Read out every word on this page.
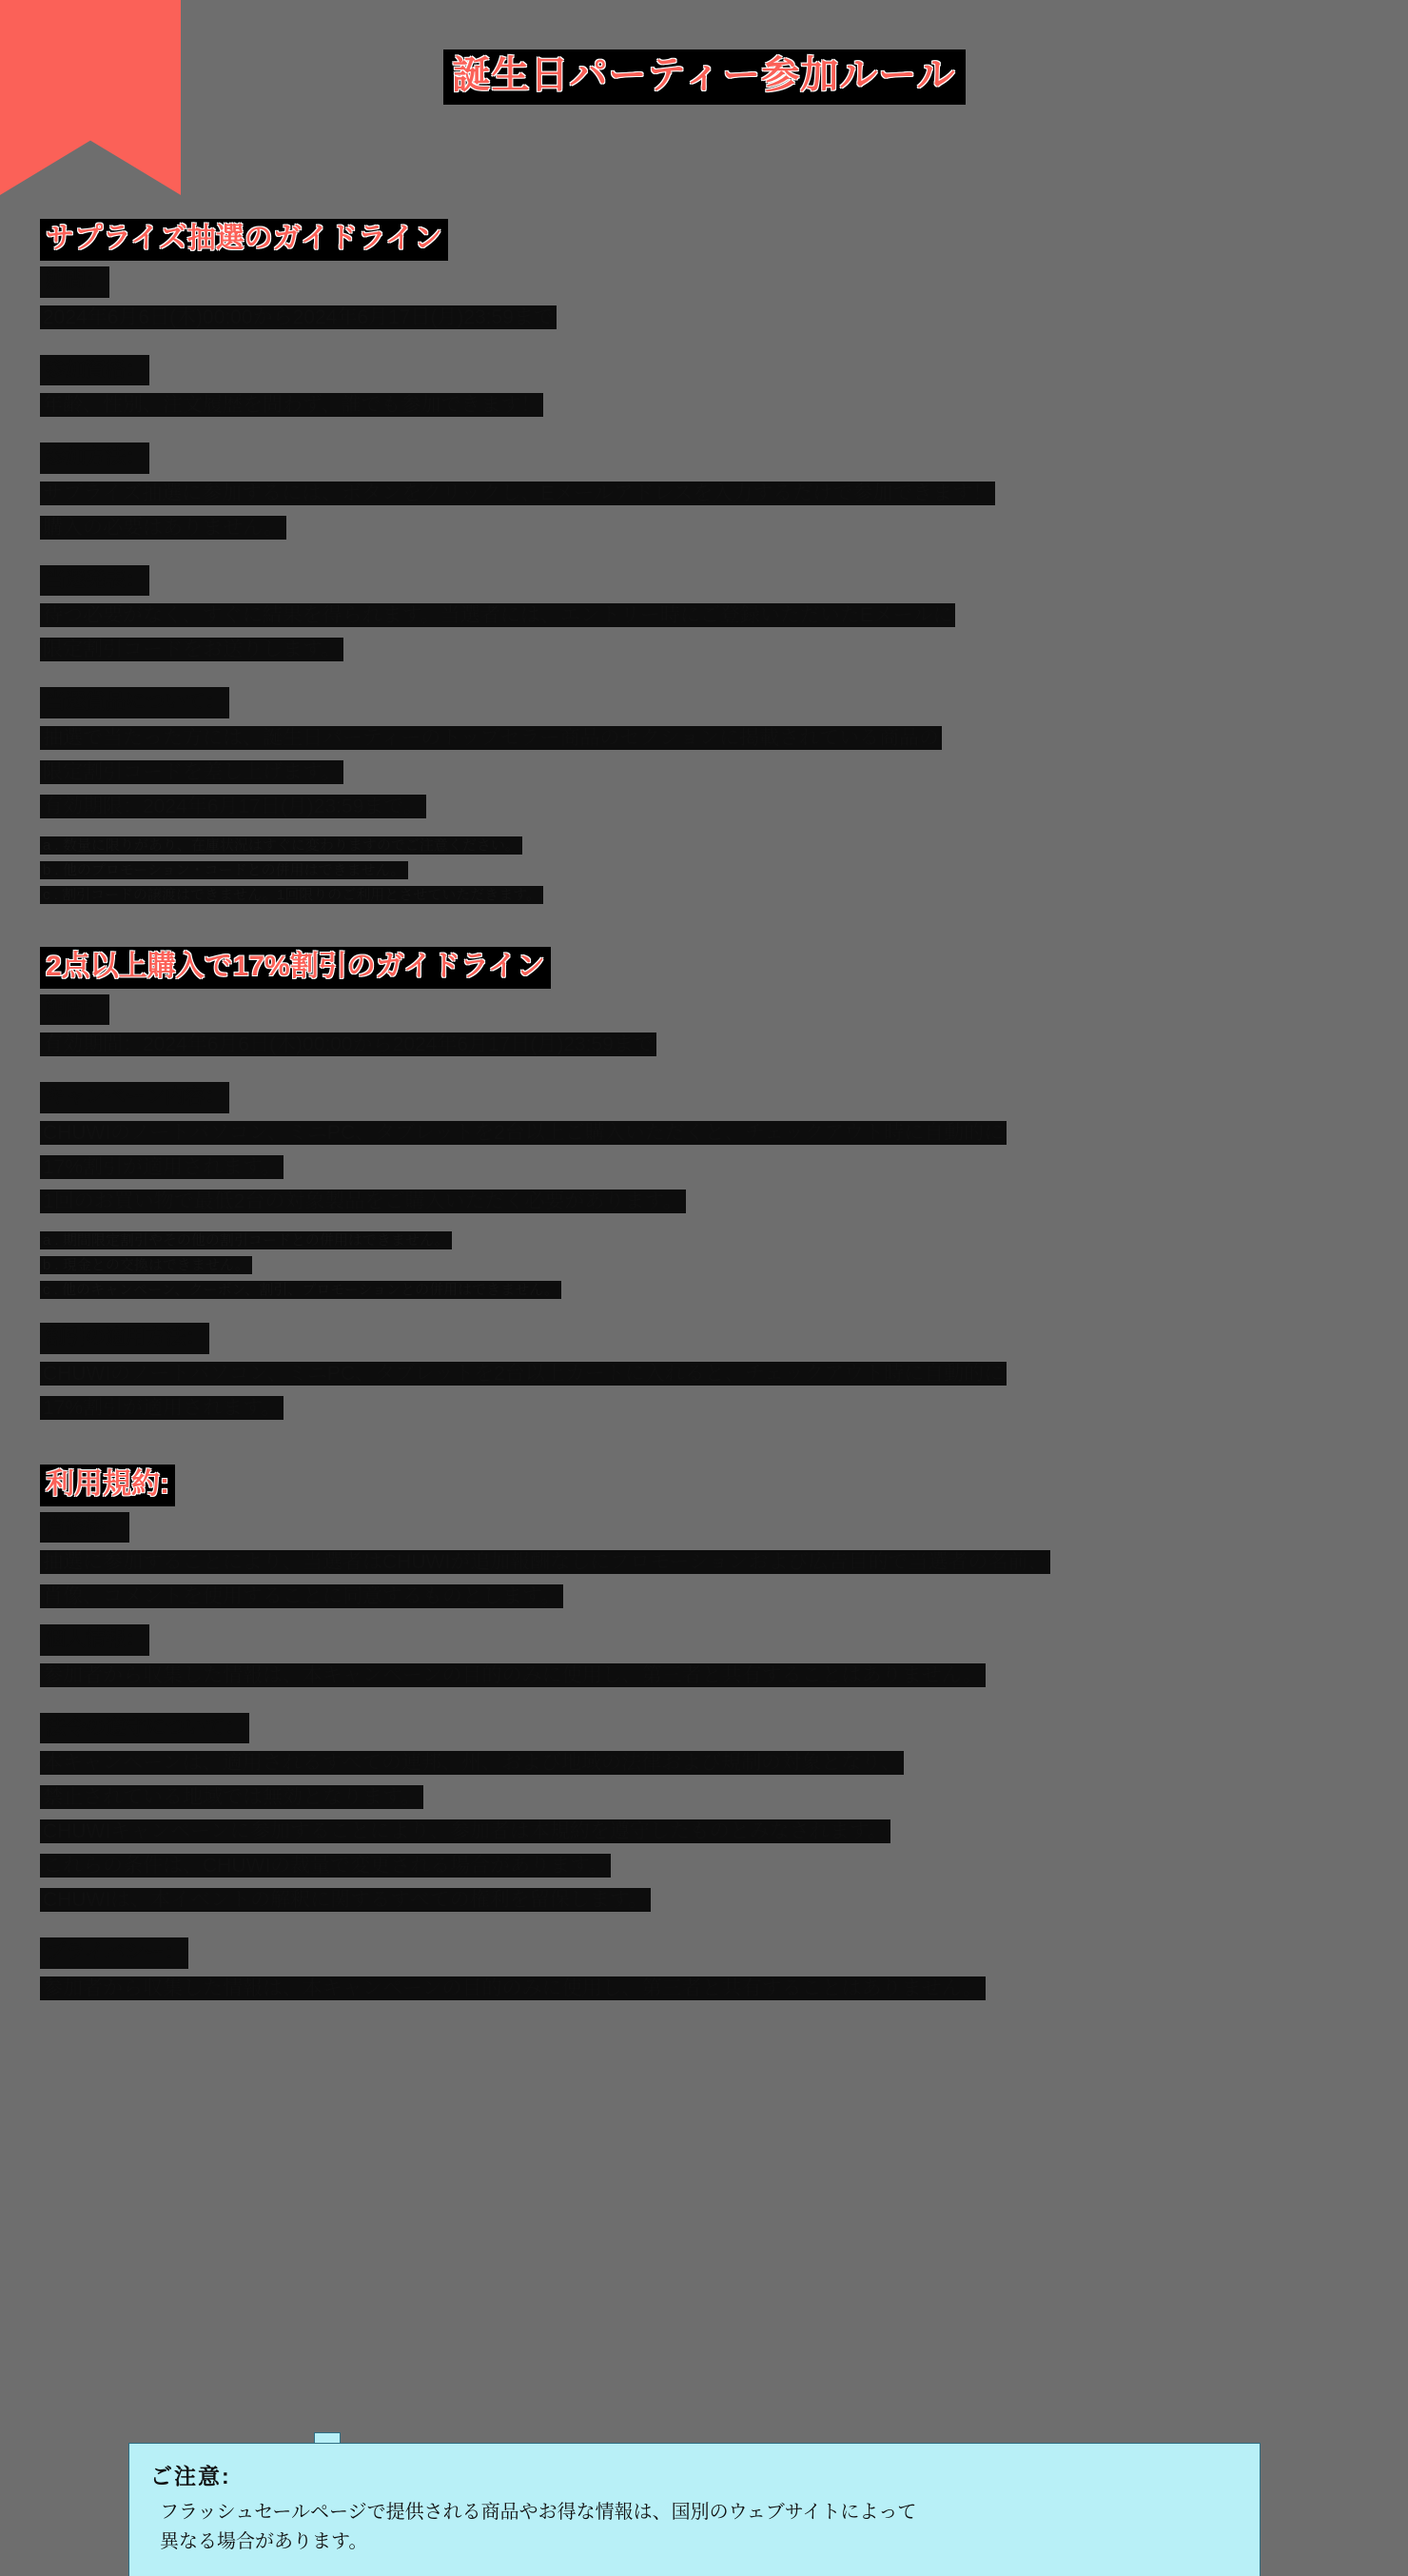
誕生日パーティー参加ルール
サプライズ抽選のガイドライン
期間：
2024年6月6日(木)00:00から2024年6月17日(月)23:59まで
参加資格：
年齢、性別、注文履歴を問わず、誰でも参加できます！
参加方法：
サプライズ抽選に参加するには、ボタンをクリックし、Eメールアドレスを入力するだけで参加できます！
購入の必要はありません。
当選発表：
待つ必要がなく、すぐに結果を得られます。当選者には、エントリー時にご登録いただいたEメールに
限定割引コードをお送りします。
当選賞品について：
抽選で当たった方には、誕生日パーティーのトップセラー商品のセクションに掲載されている商品の
限定割引コードを差し上げます。
有効期限：2024年6月17日(月)23:59まで。
a . 数量に限りがあり、在庫状況はすぐに変わりますのでご注意ください。
b . 他のプロモーション・コードとの併用はできません。
c . 割引コードの譲渡はできません。1回限りのご利用とさせていただきます。
2点以上購入で17%割引のガイドライン
期間：
有効期間：2024年6月6日(木)00:00から2024年6月17日(月)23:59まで
キャンペーン内容：
CHUWIのノートパソコン、ミニPC、タブレットを2台以上ご購入いただくと、チェックアウト時に自動的に
17%割引が適用されます。
1回のお買い物で最低2台の対象製品をご購入いただく必要があります。
a . 期間限定割引やその他の割引コードとの併用はできません。
b . 現金との交換はできません。
c . 他のキャンペーン、クーポン、割引、プロモーションとの併用はできません。
割引の適用方法：
CHUWIのノートパソコン、ミニPC、タブレットを2台以上カートに入れると、チェックアウト時に自動的に
17%割引が適用されます。
利用規約:
肖像権：
抽選に参加することにより、当選者はCHUWIが追加報酬なしにプロモーションおよび広告目的で当選者の名前、
肖像、コメントを使用することに同意するものとします。
個人情報：
参加者から収集した情報は、本キャンペーンの目的のみに使用し、第三者と共有することはありません。
法令の遵守について：
本キャンペーンは、適用されるすべての連邦、州、および地域の法律および規制の対象となり、
禁止されている地域では無効となります。
CHUWIキャンペーンに参加することにより、参加者は本規約を遵守したものとみなされます。
これらの条件は、CHUWIの裁量で変更される場合があります。
CHUWIは、本イベントの解釈に関するすべての権利を留保します。
プライバシー：
参加者から収集した情報は、本キャンペーンの目的のみに使用し、第三者と共有することはありません。

ご注意:

フラッシュセールページで提供される商品やお得な情報は、国別のウェブサイトによって

異なる場合があります。
